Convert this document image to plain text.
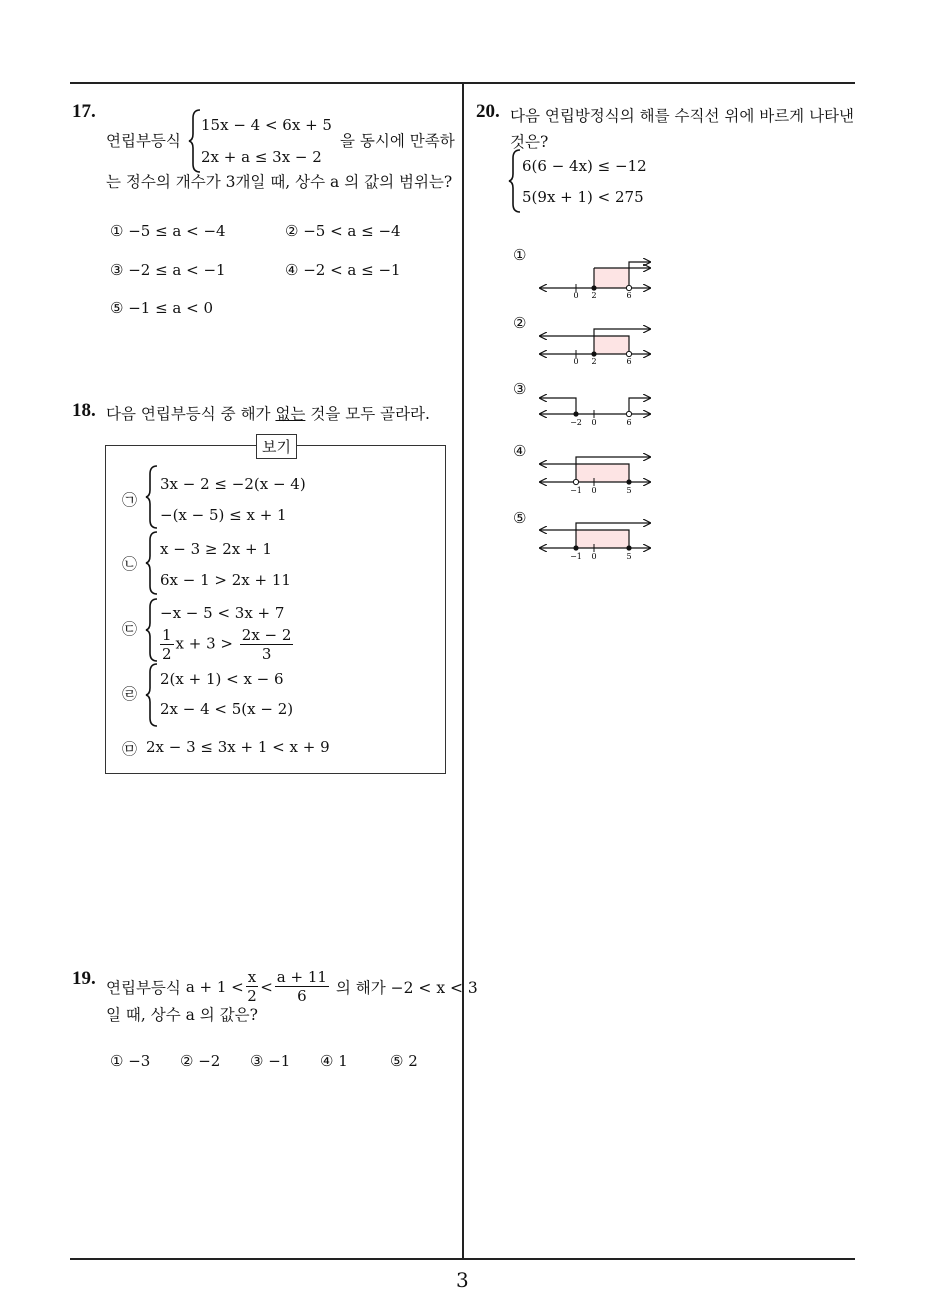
3
17.
연립부등식
15x − 4 < 6x + 5
2x + a ≤ 3x − 2
을 동시에 만족하
는 정수의 개수가 3개일 때, 상수 a 의 값의 범위는?
① −5 ≤ a < −4	② −5 < a ≤ −4
③ −2 ≤ a < −1	④ −2 < a ≤ −1
⑤ −1 ≤ a < 0
18. 다음 연립부등식 중 해가 없는 것을 모두 골라라.
보기
㉠
3x − 2 ≤ −2(x − 4)
−(x − 5) ≤ x + 1
㉡
x − 3 ≥ 2x + 1
6x − 1 > 2x + 11
㉢
−x − 5 < 3x + 7
$\frac{1}{2}$ $x + 3 > \frac{2x - 2}{3}$
㉣
2(x + 1) < x − 6
2x − 4 < 5(x − 2)
㉤ 2x − 3 ≤ 3x + 1 < x + 9
19. 연립부등식
$a + 1 < \frac{x}{2} < \frac{a + 11}{6}$
의 해가 −2 < x < 3
일 때, 상수 a 의 값은?
① −3 ② −2 ③ −1 ④ 1	⑤ 2
20. 다음 연립방정식의 해를 수직선 위에 바르게 나타낸
것은?
6(6 − 4x) ≤ −12
5(9x + 1) < 275
①
②
③
④
⑤
0 2	6
0 2	6
−2 0	6
−1 0	5
−1 0	5
